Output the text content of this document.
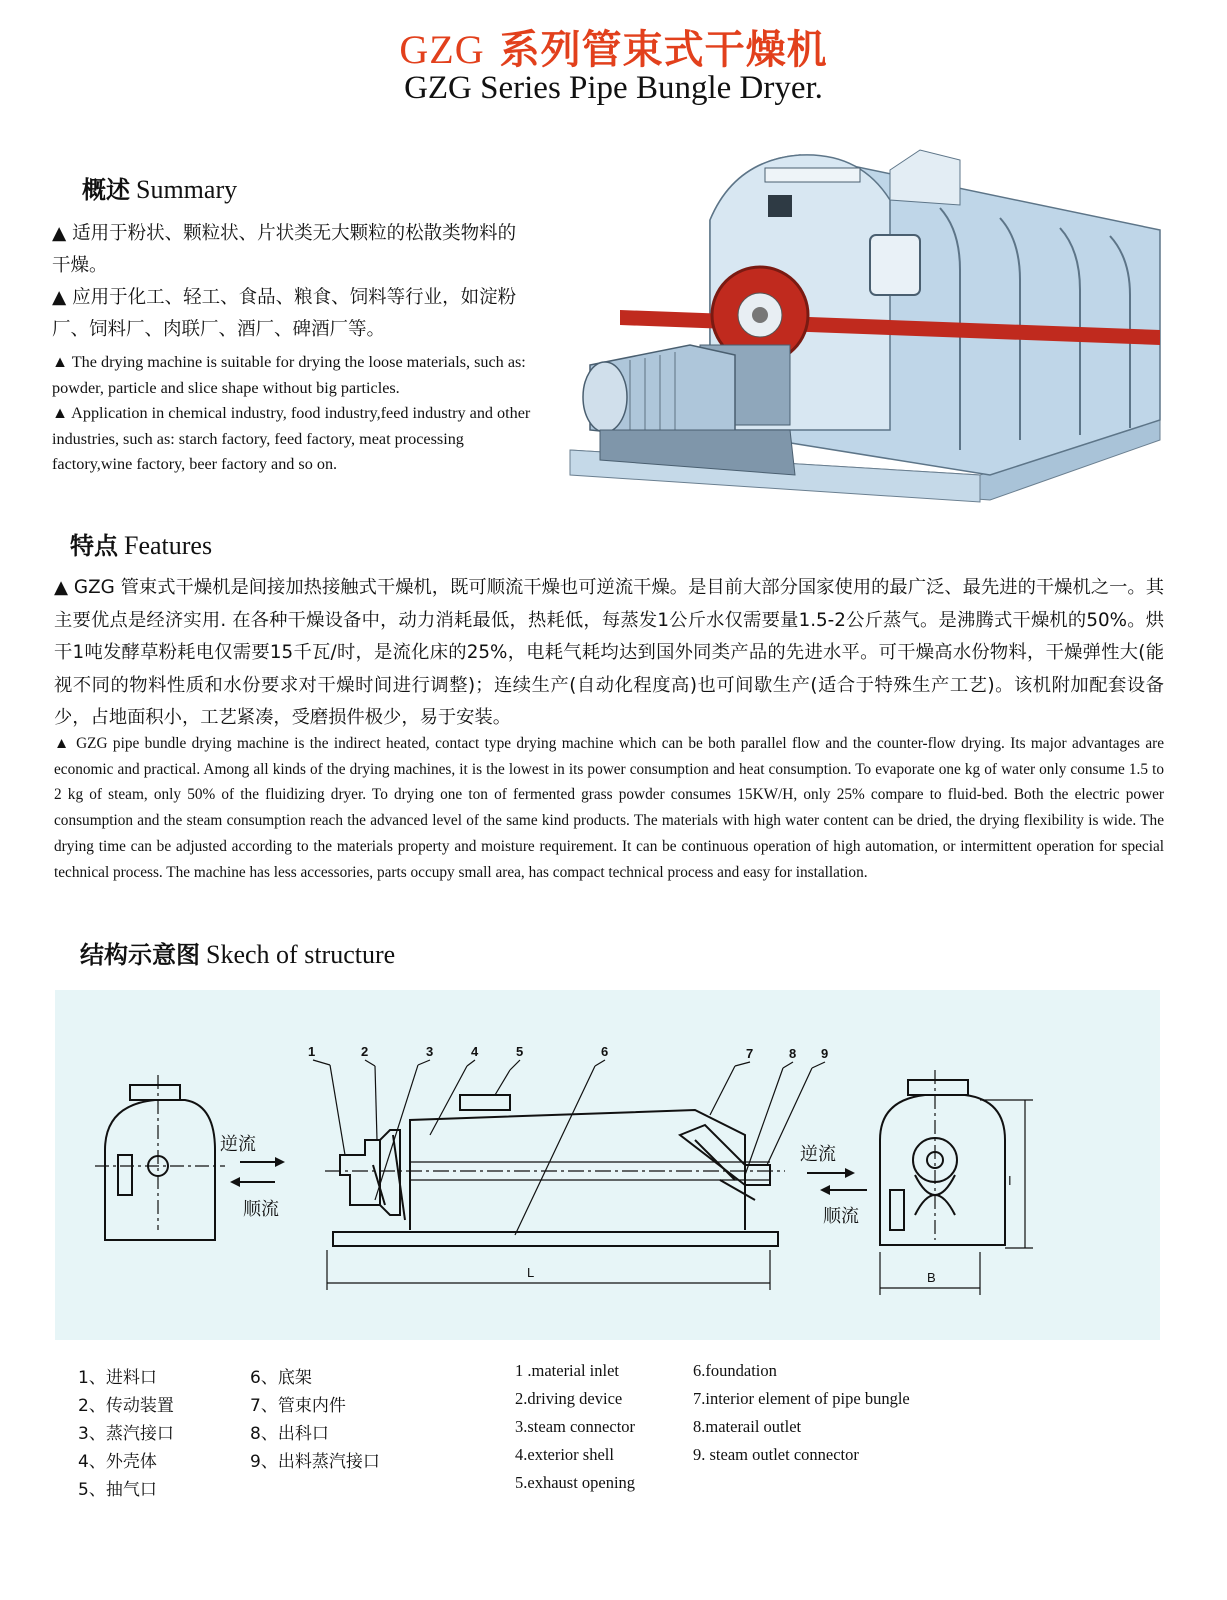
GZG 系列管束式干燥机
GZG Series Pipe Bungle Dryer.
概述 Summary

▲ 适用于粉状、颗粒状、片状类无大颗粒的松散类物料的干燥。

▲ 应用于化工、轻工、食品、粮食、饲料等行业，如淀粉厂、饲料厂、肉联厂、酒厂、碑酒厂等。

▲ The drying machine is suitable for drying the loose materials, such as: powder, particle and slice shape without big particles.

▲ Application in chemical industry, food industry,feed industry and other industries, such as: starch factory, feed factory, meat processing factory,wine factory, beer factory and so on.

特点 Features

▲ GZG 管束式干燥机是间接加热接触式干燥机，既可顺流干燥也可逆流干燥。是目前大部分国家使用的最广泛、最先进的干燥机之一。其主要优点是经济实用. 在各种干燥设备中，动力消耗最低，热耗低，每蒸发1公斤水仅需要量1.5-2公斤蒸气。是沸腾式干燥机的50%。烘干1吨发酵草粉耗电仅需要15千瓦/时，是流化床的25%，电耗气耗均达到国外同类产品的先进水平。可干燥高水份物料，干燥弹性大(能视不同的物料性质和水份要求对干燥时间进行调整)；连续生产(自动化程度高)也可间歇生产(适合于特殊生产工艺)。该机附加配套设备少，占地面积小，工艺紧凑，受磨损件极少，易于安装。

▲ GZG pipe bundle drying machine is the indirect heated, contact type drying machine which can be both parallel flow and the counter-flow drying. Its major advantages are economic and practical. Among all kinds of the drying machines, it is the lowest in its power consumption and heat consumption. To evaporate one kg of water only consume 1.5 to 2 kg of steam, only 50% of the fluidizing dryer. To drying one ton of fermented grass powder consumes 15KW/H, only 25% compare to fluid-bed. Both the electric power consumption and the steam consumption reach the advanced level of the same kind products. The materials with high water content can be dried, the drying flexibility is wide. The drying time can be adjusted according to the materials property and moisture requirement. It can be continuous operation of high automation, or intermittent operation for special technical process. The machine has less accessories, parts occupy small area, has compact technical process and easy for installation.

结构示意图 Skech of structure
1	2	3	4	5	6	7	8 9
逆流
顺流
逆流
顺流
L	B
I
1、进料口
2、传动装置
3、蒸汽接口
4、外壳体
5、抽气口
6、底架
7、管束内件
8、出科口
9、出料蒸汽接口
1 .material inlet
2.driving device
3.steam connector
4.exterior shell
5.exhaust opening
6.foundation
7.interior element of pipe bungle
8.materail outlet
9. steam outlet connector
